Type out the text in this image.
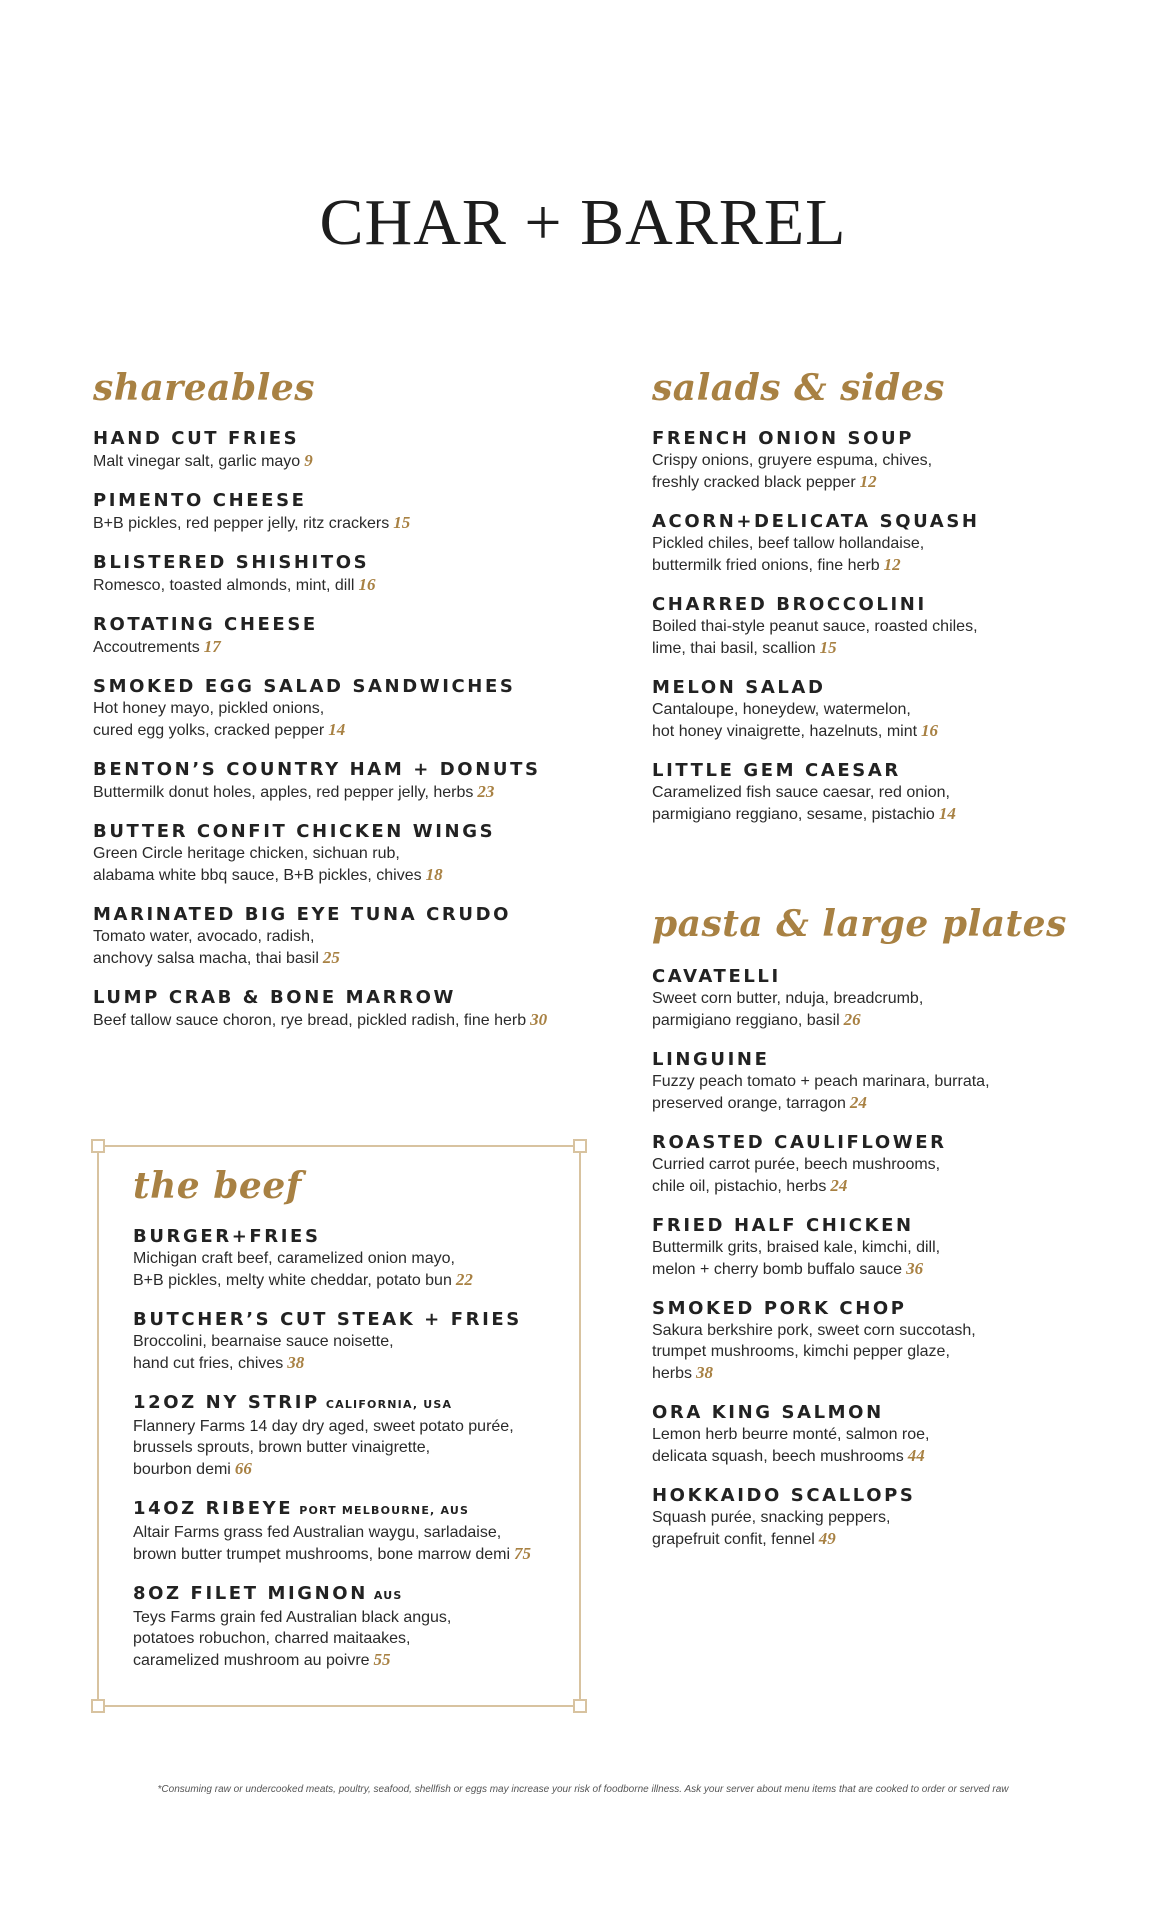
CHAR + BARREL
shareables
HAND CUT FRIES
Malt vinegar salt, garlic mayo 9
PIMENTO CHEESE
B+B pickles, red pepper jelly, ritz crackers 15
BLISTERED SHISHITOS
Romesco, toasted almonds, mint, dill 16
ROTATING CHEESE
Accoutrements 17
SMOKED EGG SALAD SANDWICHES
Hot honey mayo, pickled onions,
cured egg yolks, cracked pepper 14
BENTON’S COUNTRY HAM + DONUTS
Buttermilk donut holes, apples, red pepper jelly, herbs 23
BUTTER CONFIT CHICKEN WINGS
Green Circle heritage chicken, sichuan rub,
alabama white bbq sauce, B+B pickles, chives 18
MARINATED BIG EYE TUNA CRUDO
Tomato water, avocado, radish,
anchovy salsa macha, thai basil 25
LUMP CRAB & BONE MARROW
Beef tallow sauce choron, rye bread, pickled radish, fine herb 30
the beef
BURGER+FRIES
Michigan craft beef, caramelized onion mayo,
B+B pickles, melty white cheddar, potato bun 22
BUTCHER’S CUT STEAK + FRIES
Broccolini, bearnaise sauce noisette,
hand cut fries, chives 38
12OZ NY STRIP CALIFORNIA, USA
Flannery Farms 14 day dry aged, sweet potato purée,
brussels sprouts, brown butter vinaigrette,
bourbon demi 66
14OZ RIBEYE PORT MELBOURNE, AUS
Altair Farms grass fed Australian waygu, sarladaise,
brown butter trumpet mushrooms, bone marrow demi 75
8OZ FILET MIGNON AUS
Teys Farms grain fed Australian black angus,
potatoes robuchon, charred maitaakes,
caramelized mushroom au poivre 55
salads & sides
FRENCH ONION SOUP
Crispy onions, gruyere espuma, chives,
freshly cracked black pepper 12
ACORN+DELICATA SQUASH
Pickled chiles, beef tallow hollandaise,
buttermilk fried onions, fine herb 12
CHARRED BROCCOLINI
Boiled thai-style peanut sauce, roasted chiles,
lime, thai basil, scallion 15
MELON SALAD
Cantaloupe, honeydew, watermelon,
hot honey vinaigrette, hazelnuts, mint 16
LITTLE GEM CAESAR
Caramelized fish sauce caesar, red onion,
parmigiano reggiano, sesame, pistachio 14
pasta & large plates
CAVATELLI
Sweet corn butter, nduja, breadcrumb,
parmigiano reggiano, basil 26
LINGUINE
Fuzzy peach tomato + peach marinara, burrata,
preserved orange, tarragon 24
ROASTED CAULIFLOWER
Curried carrot purée, beech mushrooms,
chile oil, pistachio, herbs 24
FRIED HALF CHICKEN
Buttermilk grits, braised kale, kimchi, dill,
melon + cherry bomb buffalo sauce 36
SMOKED PORK CHOP
Sakura berkshire pork, sweet corn succotash,
trumpet mushrooms, kimchi pepper glaze,
herbs 38
ORA KING SALMON
Lemon herb beurre monté, salmon roe,
delicata squash, beech mushrooms 44
HOKKAIDO SCALLOPS
Squash purée, snacking peppers,
grapefruit confit, fennel 49
*Consuming raw or undercooked meats, poultry, seafood, shellfish or eggs may increase your risk of foodborne illness. Ask your server about menu items that are cooked to order or served raw
